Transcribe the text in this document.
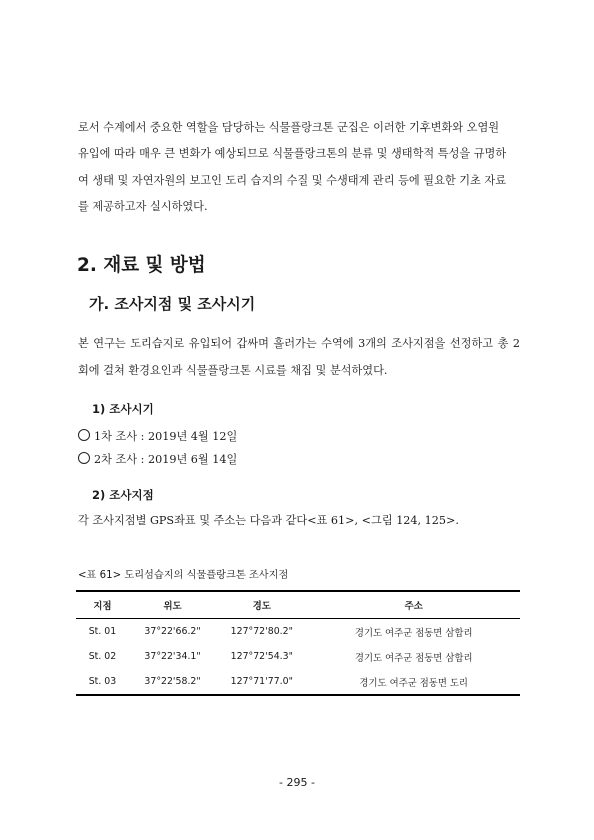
로서 수계에서 중요한 역할을 담당하는 식물플랑크톤 군집은 이러한 기후변화와 오염원

유입에 따라 매우 큰 변화가 예상되므로 식물플랑크톤의 분류 및 생태학적 특성을 규명하

여 생태 및 자연자원의 보고인 도리 습지의 수질 및 수생태계 관리 등에 필요한 기초 자료

를 제공하고자 실시하였다.

2. 재료 및 방법
가. 조사지점 및 조사시기

본 연구는 도리습지로 유입되어 갑싸며 흘러가는 수역에 3개의 조사지점을 선정하고 총 2회에 걸쳐 환경요인과 식물플랑크톤 시료를 채집 및 분석하였다.

1) 조사시기
1차 조사 : 2019년 4월 12일
2차 조사 : 2019년 6월 14일
2) 조사지점

각 조사지점별 GPS좌표 및 주소는 다음과 같다<표 61>, <그림 124, 125>.

<표 61> 도리섬습지의 식물플랑크톤 조사지점

지점	위도	경도	주소
St. 01	37°22'66.2"	127°72'80.2"	경기도 여주군 점동면 삼합리
St. 02	37°22'34.1"	127°72'54.3"	경기도 여주군 점동면 삼합리
St. 03	37°22'58.2"	127°71'77.0"	경기도 여주군 점동면 도리

- 295 -
